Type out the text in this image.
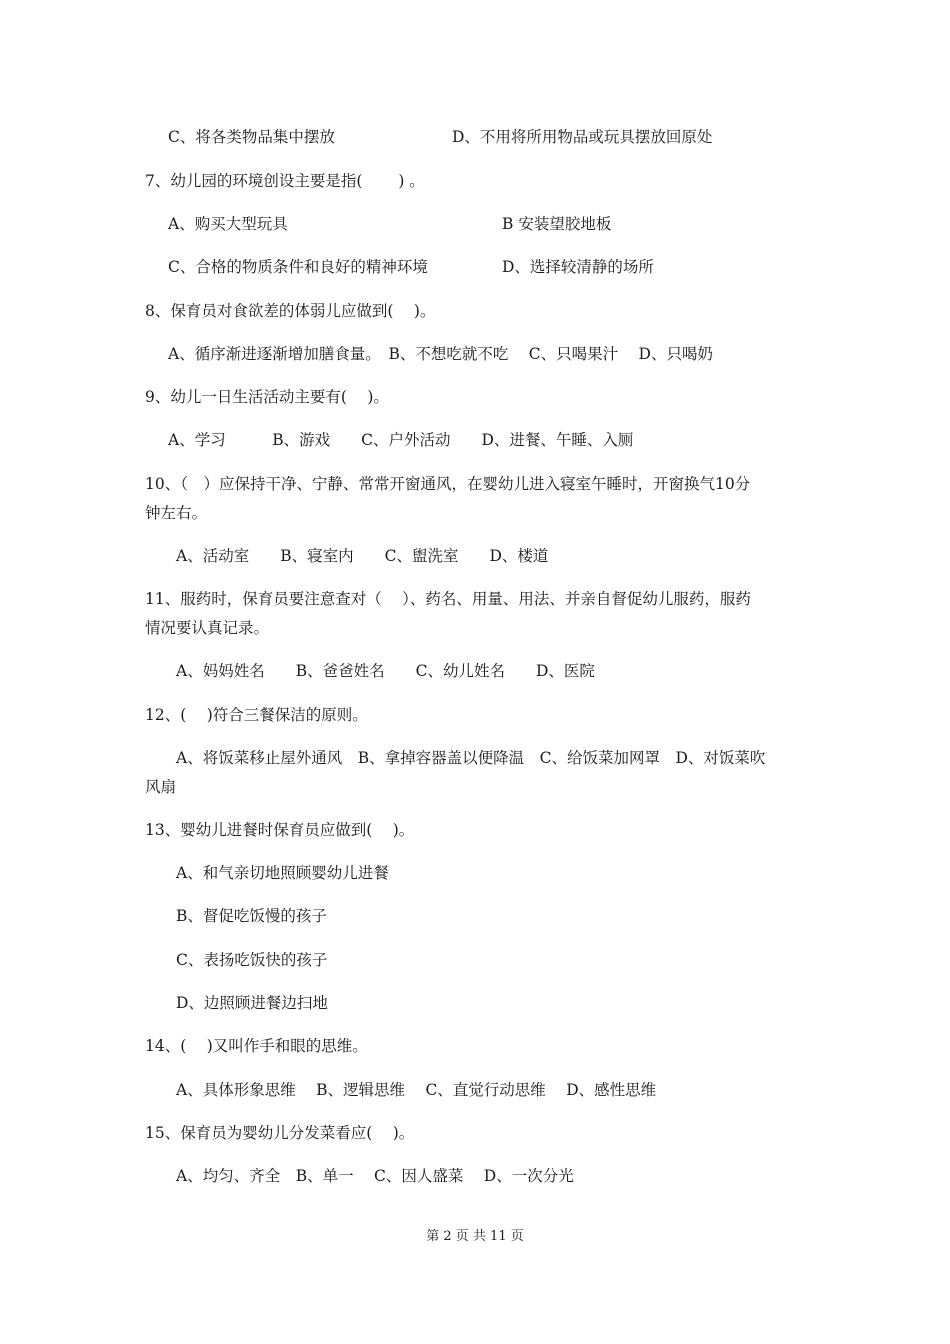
C、将各类物品集中摆放	D、不用将所用物品或玩具摆放回原处
7、幼儿园的环境创设主要是指(　　 ) 。
A、购买大型玩具	B 安装望胶地板
C、合格的物质条件和良好的精神环境	D、选择较清静的场所
8、保育员对食欲差的体弱儿应做到(　 )。
A、循序渐进逐渐增加膳食量。　B、不想吃就不吃　 C、只喝果汁　 D、只喝奶
9、幼儿一日生活活动主要有(　 )。
A、学习　　　B、游戏　　C、户外活动　　D、进餐、午睡、入厕
10、（　）应保持干净、宁静、常常开窗通风，在婴幼儿进入寝室午睡时，开窗换气10分
钟左右。
A、活动室　　B、寝室内　　C、盥洗室　　D、楼道
11、服药时，保育员要注意查对（　 ）、药名、用量、用法、并亲自督促幼儿服药，服药
情况要认真记录。
A、妈妈姓名　　B、爸爸姓名　　C、幼儿姓名　　D、医院
12、(　 )符合三餐保洁的原则。
A、将饭菜移止屋外通风　B、拿掉容器盖以便降温　C、给饭菜加网罩　D、对饭菜吹
风扇
13、婴幼儿进餐时保育员应做到(　 )。
A、和气亲切地照顾婴幼儿进餐
B、督促吃饭慢的孩子
C、表扬吃饭快的孩子
D、边照顾进餐边扫地
14、(　 )又叫作手和眼的思维。
A、具体形象思维　 B、逻辑思维　 C、直觉行动思维　 D、感性思维
15、保育员为婴幼儿分发菜看应(　 )。
A、均匀、齐全　B、单一　 C、因人盛菜　 D、一次分光
第 2 页 共 11 页
